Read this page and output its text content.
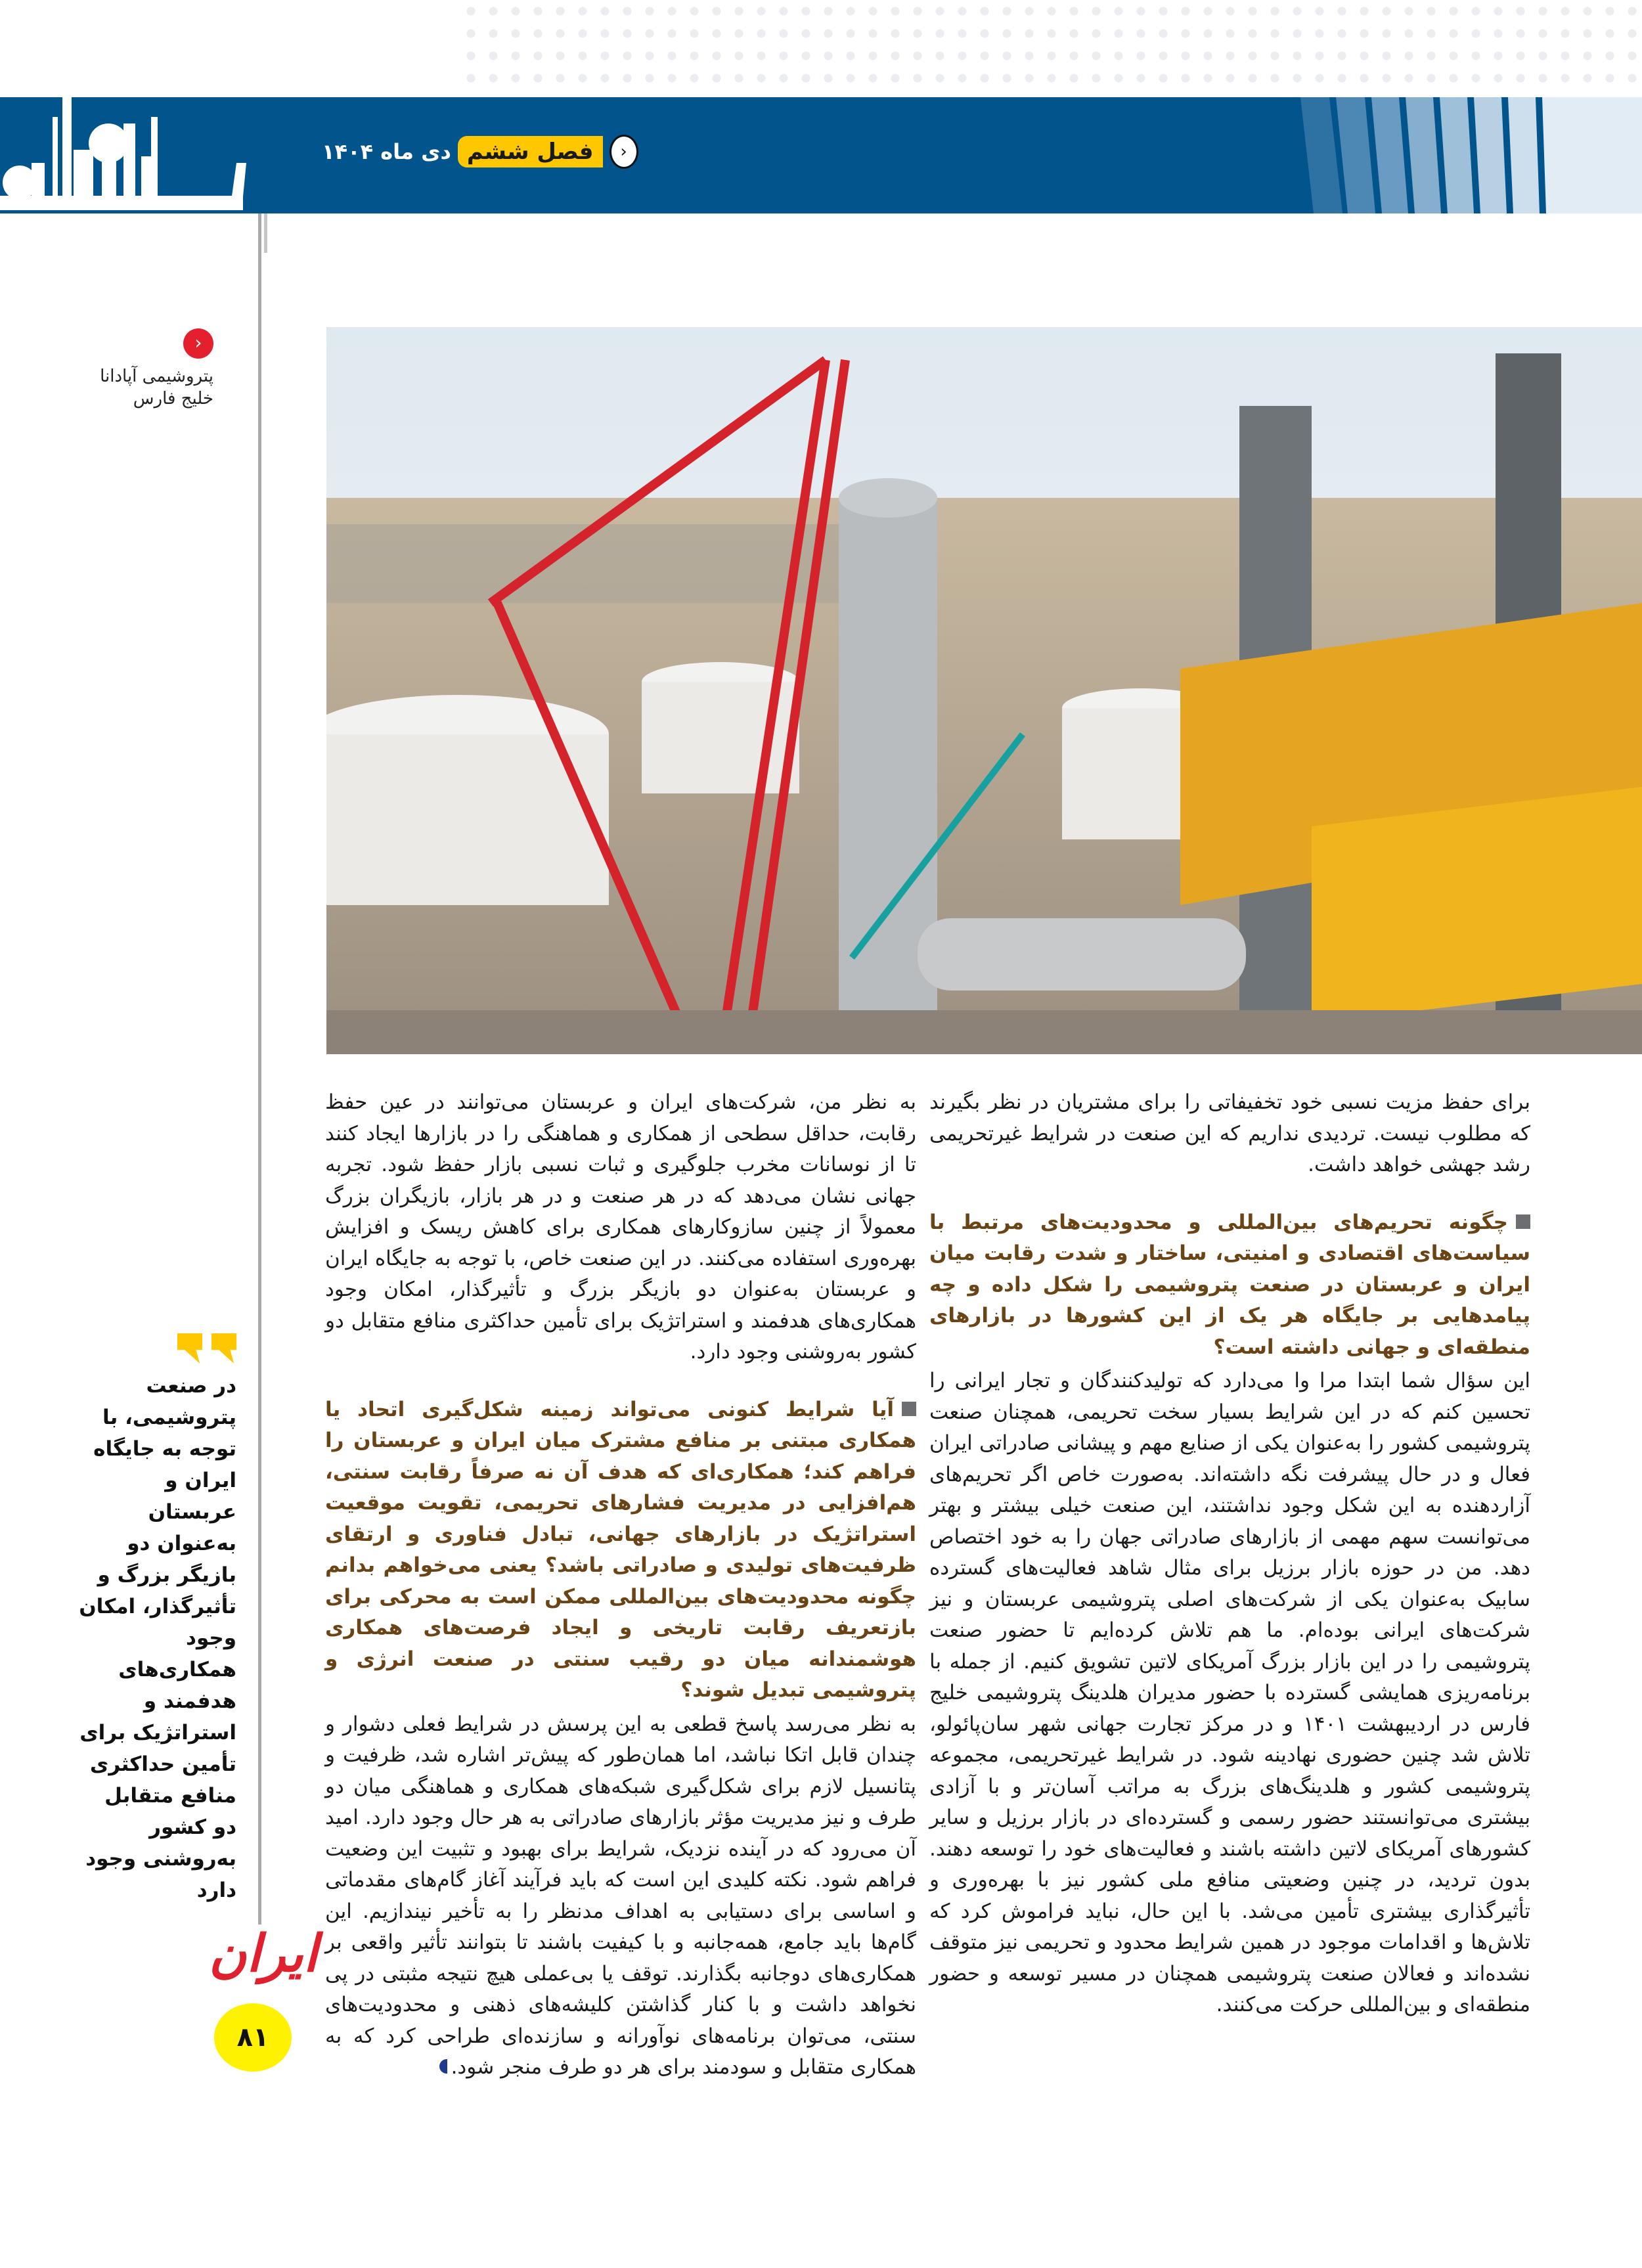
‹
فصل ششم
دی ماه ۱۴۰۴
‹
پتروشیمی آپادانا
خلیج فارس

برای حفظ مزیت نسبی خود تخفیفاتی را برای مشتریان در نظر بگیرند که مطلوب نیست. تردیدی نداریم که این صنعت در شرایط غیرتحریمی رشد جهشی خواهد داشت.

چگونه تحریم‌های بین‌المللی و محدودیت‌های مرتبط با سیاست‌های اقتصادی و امنیتی، ساختار و شدت رقابت میان ایران و عربستان در صنعت پتروشیمی را شکل داده و چه پیامدهایی بر جایگاه هر یک از این کشورها در بازارهای منطقه‌ای و جهانی داشته است؟

این سؤال شما ابتدا مرا وا می‌دارد که تولیدکنندگان و تجار ایرانی را تحسین کنم که در این شرایط بسیار سخت تحریمی، همچنان صنعت پتروشیمی کشور را به‌عنوان یکی از صنایع مهم و پیشانی صادراتی ایران فعال و در حال پیشرفت نگه داشته‌اند. به‌صورت خاص اگر تحریم‌های آزاردهنده به این شکل وجود نداشتند، این صنعت خیلی بیشتر و بهتر می‌توانست سهم مهمی از بازارهای صادراتی جهان را به خود اختصاص دهد. من در حوزه بازار برزیل برای مثال شاهد فعالیت‌های گسترده سابیک به‌عنوان یکی از شرکت‌های اصلی پتروشیمی عربستان و نیز شرکت‌های ایرانی بوده‌ام. ما هم تلاش کرده‌ایم تا حضور صنعت پتروشیمی را در این بازار بزرگ آمریکای لاتین تشویق کنیم. از جمله با برنامه‌ریزی همایشی گسترده با حضور مدیران هلدینگ پتروشیمی خلیج فارس در اردیبهشت ۱۴۰۱ و در مرکز تجارت جهانی شهر سان‌پائولو، تلاش شد چنین حضوری نهادینه شود. در شرایط غیرتحریمی، مجموعه پتروشیمی کشور و هلدینگ‌های بزرگ به مراتب آسان‌تر و با آزادی بیشتری می‌توانستند حضور رسمی و گسترده‌ای در بازار برزیل و سایر کشورهای آمریکای لاتین داشته باشند و فعالیت‌های خود را توسعه دهند. بدون تردید، در چنین وضعیتی منافع ملی کشور نیز با بهره‌وری و تأثیرگذاری بیشتری تأمین می‌شد. با این حال، نباید فراموش کرد که تلاش‌ها و اقدامات موجود در همین شرایط محدود و تحریمی نیز متوقف نشده‌اند و فعالان صنعت پتروشیمی همچنان در مسیر توسعه و حضور منطقه‌ای و بین‌المللی حرکت می‌کنند.

به نظر من، شرکت‌های ایران و عربستان می‌توانند در عین حفظ رقابت، حداقل سطحی از همکاری و هماهنگی را در بازارها ایجاد کنند تا از نوسانات مخرب جلوگیری و ثبات نسبی بازار حفظ شود. تجربه جهانی نشان می‌دهد که در هر صنعت و در هر بازار، بازیگران بزرگ معمولاً از چنین سازوکارهای همکاری برای کاهش ریسک و افزایش بهره‌وری استفاده می‌کنند. در این صنعت خاص، با توجه به جایگاه ایران و عربستان به‌عنوان دو بازیگر بزرگ و تأثیرگذار، امکان وجود همکاری‌های هدفمند و استراتژیک برای تأمین حداکثری منافع متقابل دو کشور به‌روشنی وجود دارد.

آیا شرایط کنونی می‌تواند زمینه شکل‌گیری اتحاد یا همکاری مبتنی بر منافع مشترک میان ایران و عربستان را فراهم کند؛ همکاری‌ای که هدف آن نه صرفاً رقابت سنتی، هم‌افزایی در مدیریت فشارهای تحریمی، تقویت موقعیت استراتژیک در بازارهای جهانی، تبادل فناوری و ارتقای ظرفیت‌های تولیدی و صادراتی باشد؟ یعنی می‌خواهم بدانم چگونه محدودیت‌های بین‌المللی ممکن است به محرکی برای بازتعریف رقابت تاریخی و ایجاد فرصت‌های همکاری هوشمندانه میان دو رقیب سنتی در صنعت انرژی و پتروشیمی تبدیل شوند؟

به نظر می‌رسد پاسخ قطعی به این پرسش در شرایط فعلی دشوار و چندان قابل اتکا نباشد، اما همان‌طور که پیش‌تر اشاره شد، ظرفیت و پتانسیل لازم برای شکل‌گیری شبکه‌های همکاری و هماهنگی میان دو طرف و نیز مدیریت مؤثر بازارهای صادراتی به هر حال وجود دارد. امید آن می‌رود که در آینده نزدیک، شرایط برای بهبود و تثبیت این وضعیت فراهم شود. نکته کلیدی این است که باید فرآیند آغاز گام‌های مقدماتی و اساسی برای دستیابی به اهداف مدنظر را به تأخیر نیندازیم. این گام‌ها باید جامع، همه‌جانبه و با کیفیت باشند تا بتوانند تأثیر واقعی بر همکاری‌های دوجانبه بگذارند. توقف یا بی‌عملی هیچ نتیجه مثبتی در پی نخواهد داشت و با کنار گذاشتن کلیشه‌های ذهنی و محدودیت‌های سنتی، می‌توان برنامه‌های نوآورانه و سازنده‌ای طراحی کرد که به همکاری متقابل و سودمند برای هر دو طرف منجر شود.

در صنعت پتروشیمی، با توجه به جایگاه ایران و عربستان به‌عنوان دو بازیگر بزرگ و تأثیرگذار، امکان وجود همکاری‌های هدفمند و استراتژیک برای تأمین حداکثری منافع متقابل دو کشور به‌روشنی وجود دارد
ایران
۸۱
